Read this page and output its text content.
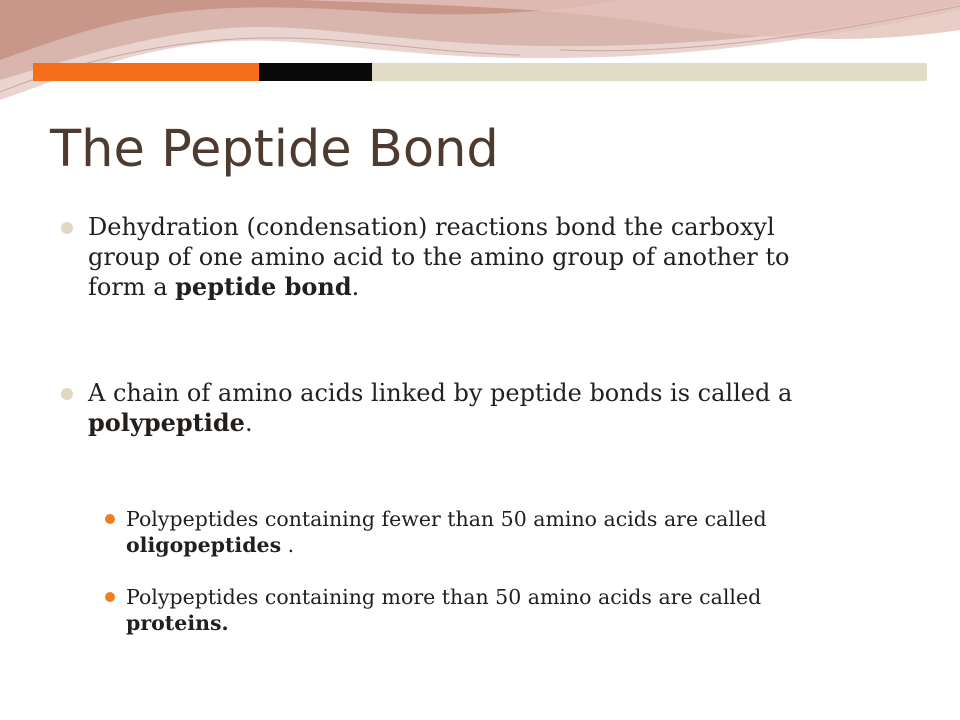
The Peptide Bond
Dehydration (condensation) reactions bond the carboxyl group of one amino acid to the amino group of another to form a peptide bond.
A chain of amino acids linked by peptide bonds is called a polypeptide.
Polypeptides containing fewer than 50 amino acids are called oligopeptides .
Polypeptides containing more than 50 amino acids are called proteins.
